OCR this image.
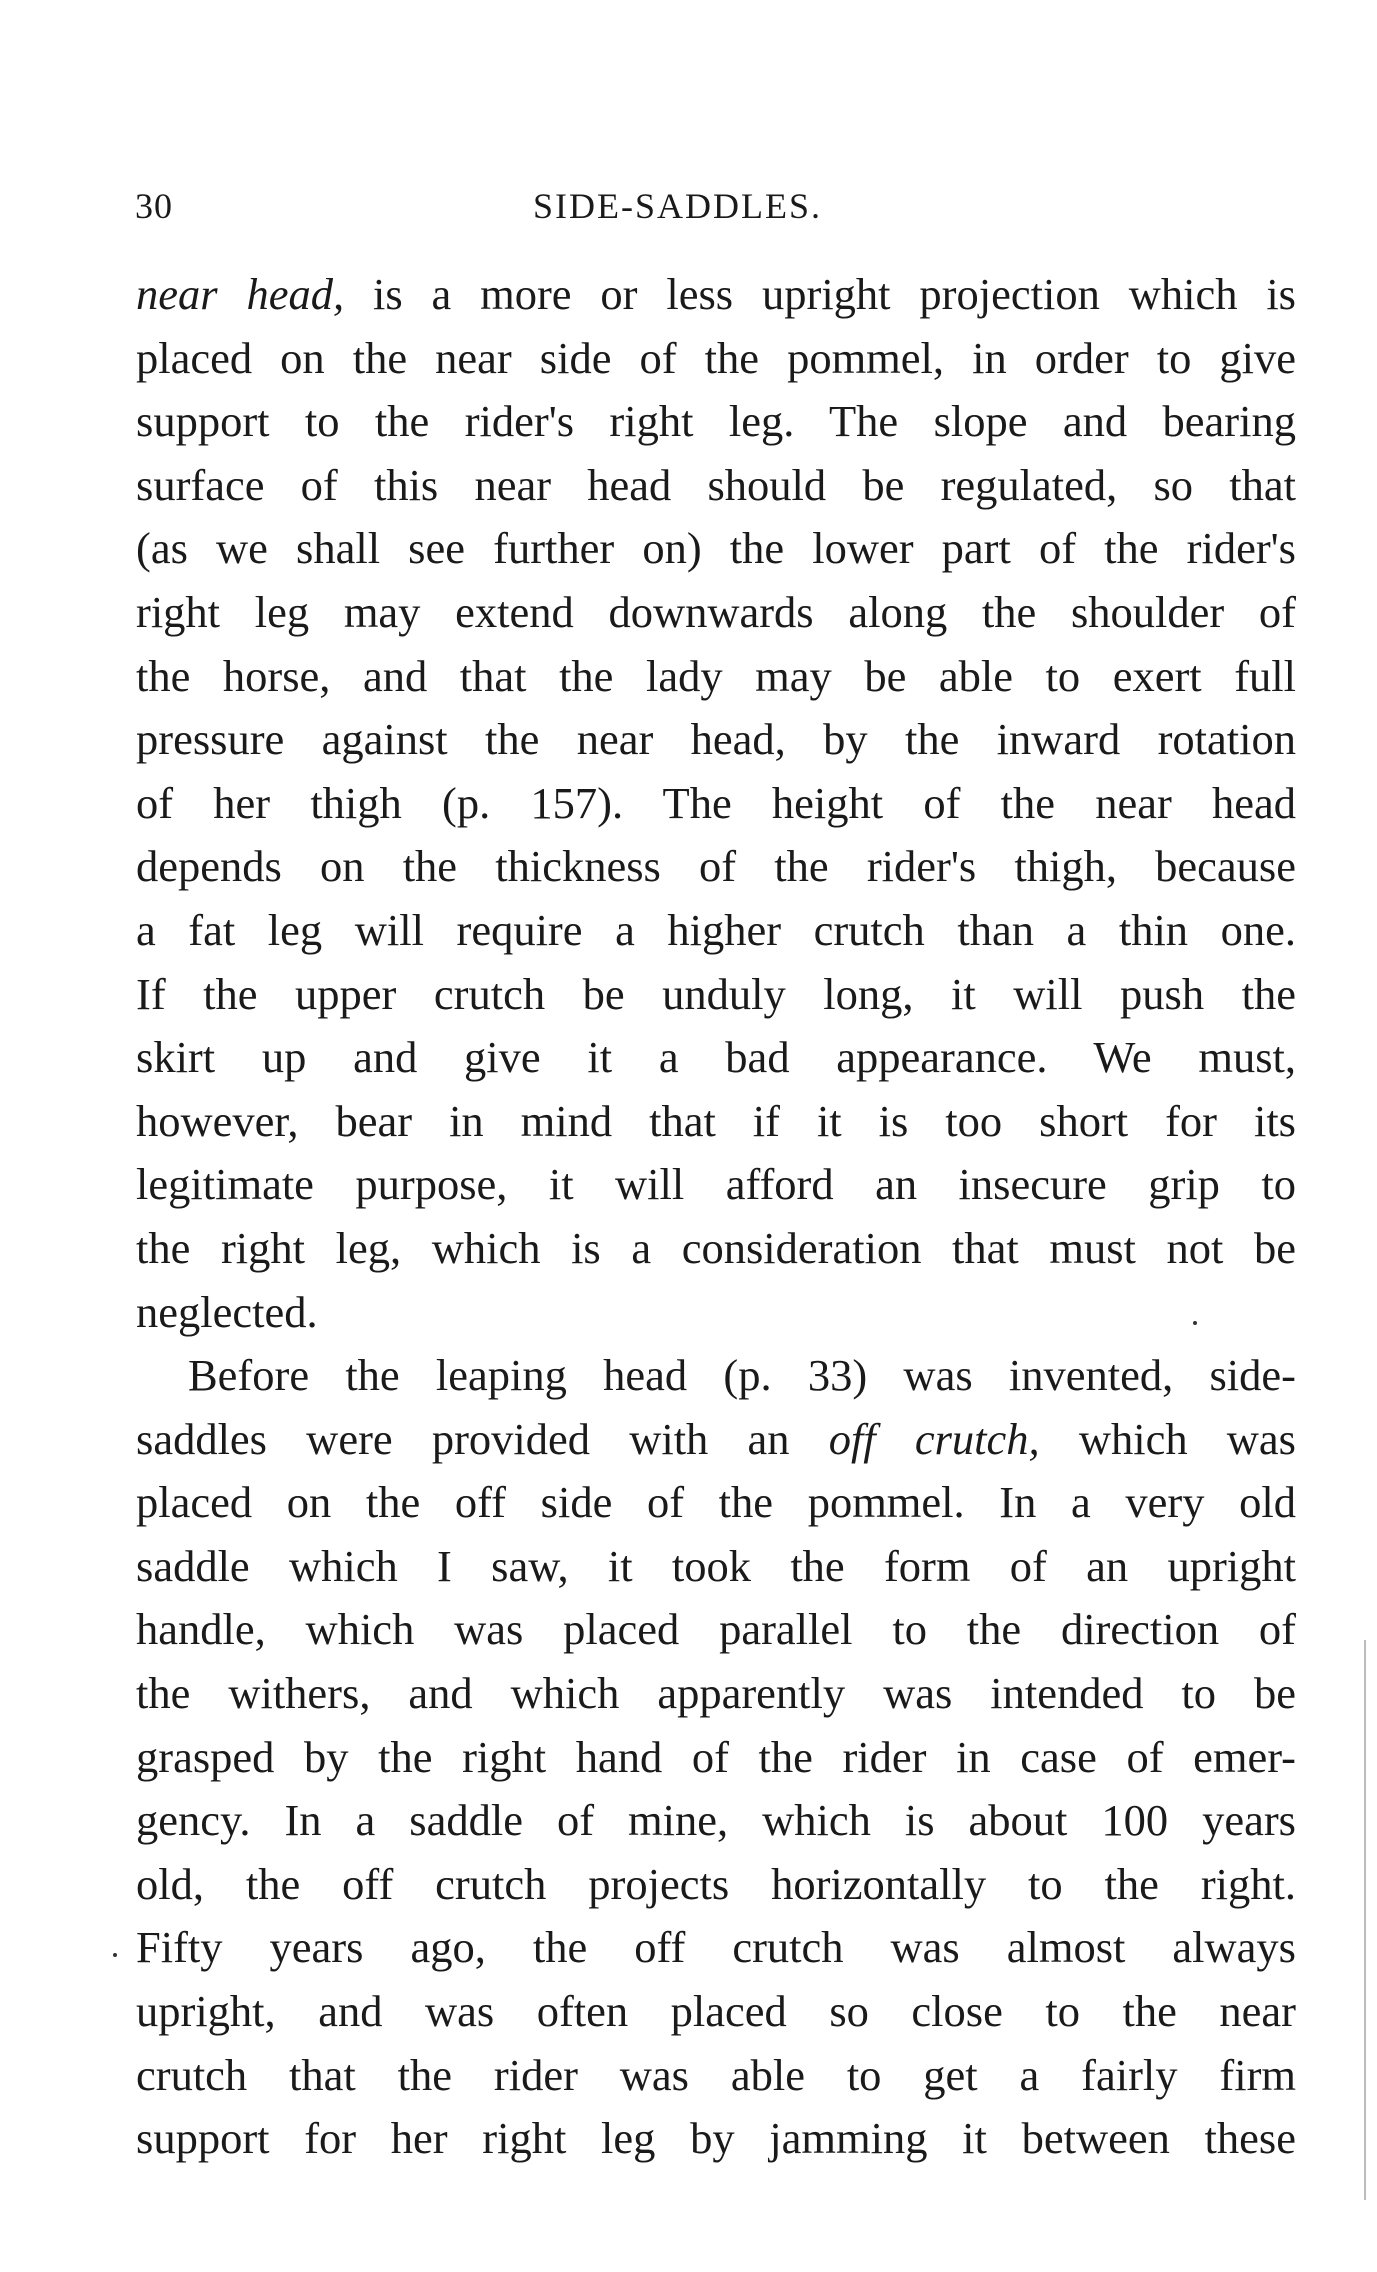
30	SIDE-SADDLES.
near head, is a more or less upright projection which is
placed on the near side of the pommel, in order to give
support to the rider's right leg. The slope and bearing
surface of this near head should be regulated, so that
(as we shall see further on) the lower part of the rider's
right leg may extend downwards along the shoulder of
the horse, and that the lady may be able to exert full
pressure against the near head, by the inward rotation
of her thigh (p. 157). The height of the near head
depends on the thickness of the rider's thigh, because
a fat leg will require a higher crutch than a thin one.
If the upper crutch be unduly long, it will push the
skirt up and give it a bad appearance. We must,
however, bear in mind that if it is too short for its
legitimate purpose, it will afford an insecure grip to
the right leg, which is a consideration that must not be
neglected.
Before the leaping head (p. 33) was invented, side-
saddles were provided with an off crutch, which was
placed on the off side of the pommel. In a very old
saddle which I saw, it took the form of an upright
handle, which was placed parallel to the direction of
the withers, and which apparently was intended to be
grasped by the right hand of the rider in case of emer-
gency. In a saddle of mine, which is about 100 years
old, the off crutch projects horizontally to the right.
Fifty years ago, the off crutch was almost always
upright, and was often placed so close to the near
crutch that the rider was able to get a fairly firm
support for her right leg by jamming it between these
